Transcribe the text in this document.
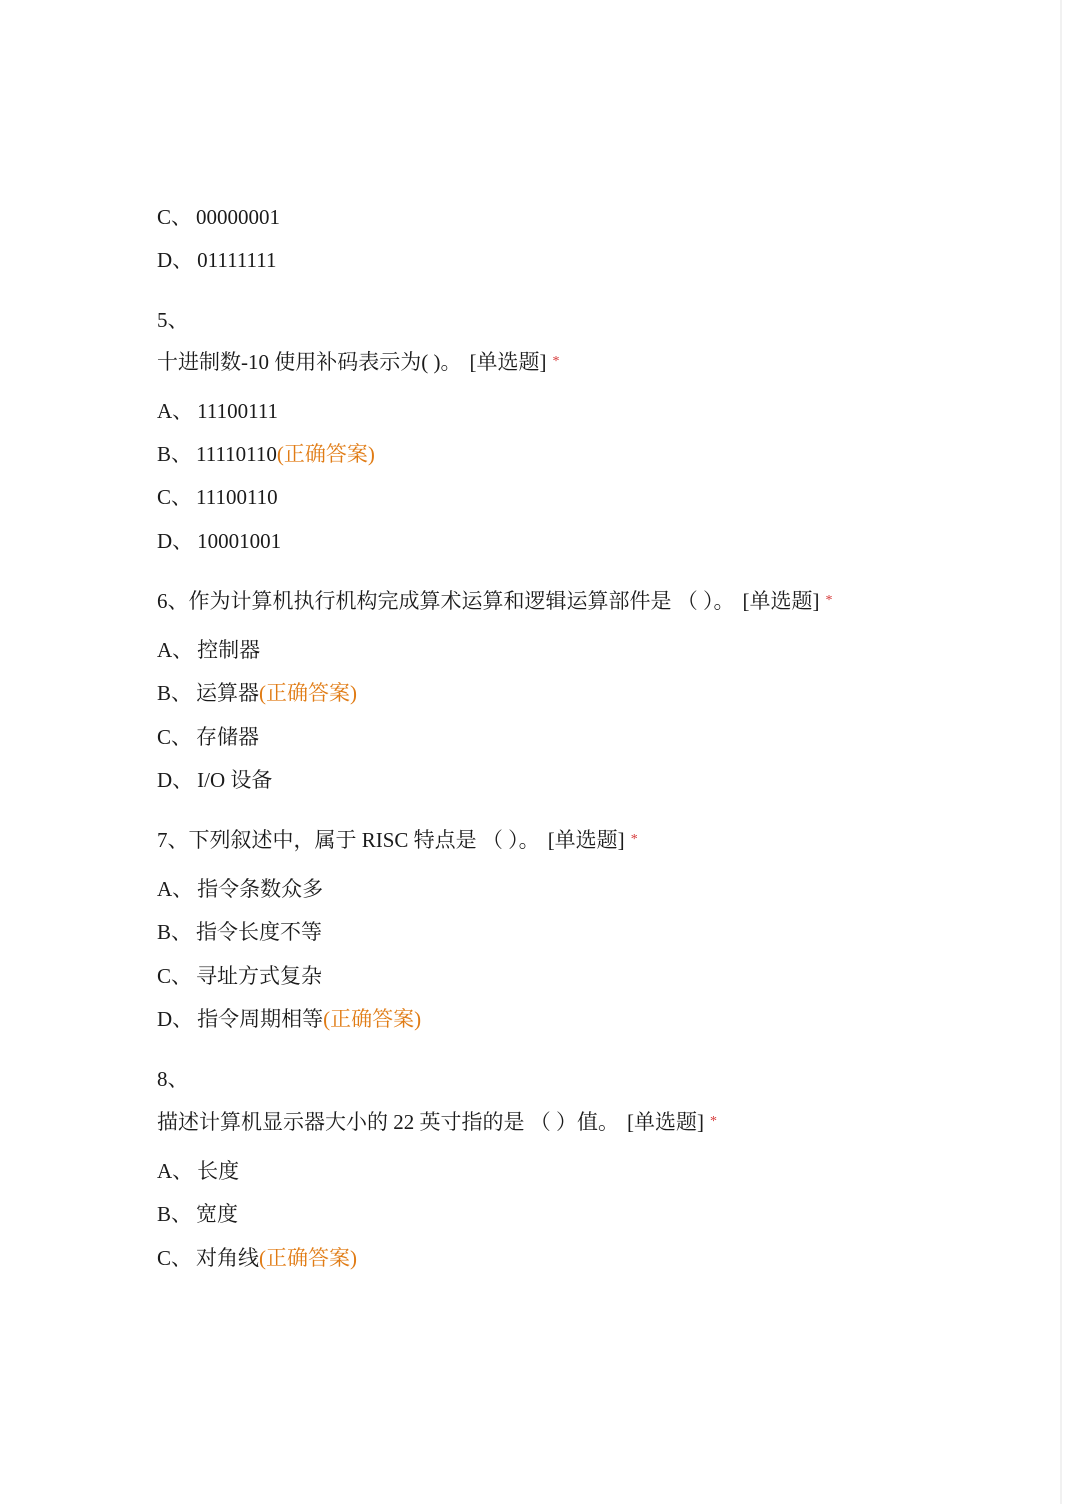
C、 00000001
D、 01111111
5、
十进制数-10 使用补码表示为( )。 [单选题] *
A、 11100111
B、 11110110(正确答案)
C、 11100110
D、 10001001
6、作为计算机执行机构完成算术运算和逻辑运算部件是 （ ）。 [单选题] *
A、 控制器
B、 运算器(正确答案)
C、 存储器
D、 I/O 设备
7、下列叙述中，属于 RISC 特点是 （ ）。 [单选题] *
A、 指令条数众多
B、 指令长度不等
C、 寻址方式复杂
D、 指令周期相等(正确答案)
8、
描述计算机显示器大小的 22 英寸指的是 （ ）值。 [单选题] *
A、 长度
B、 宽度
C、 对角线(正确答案)
